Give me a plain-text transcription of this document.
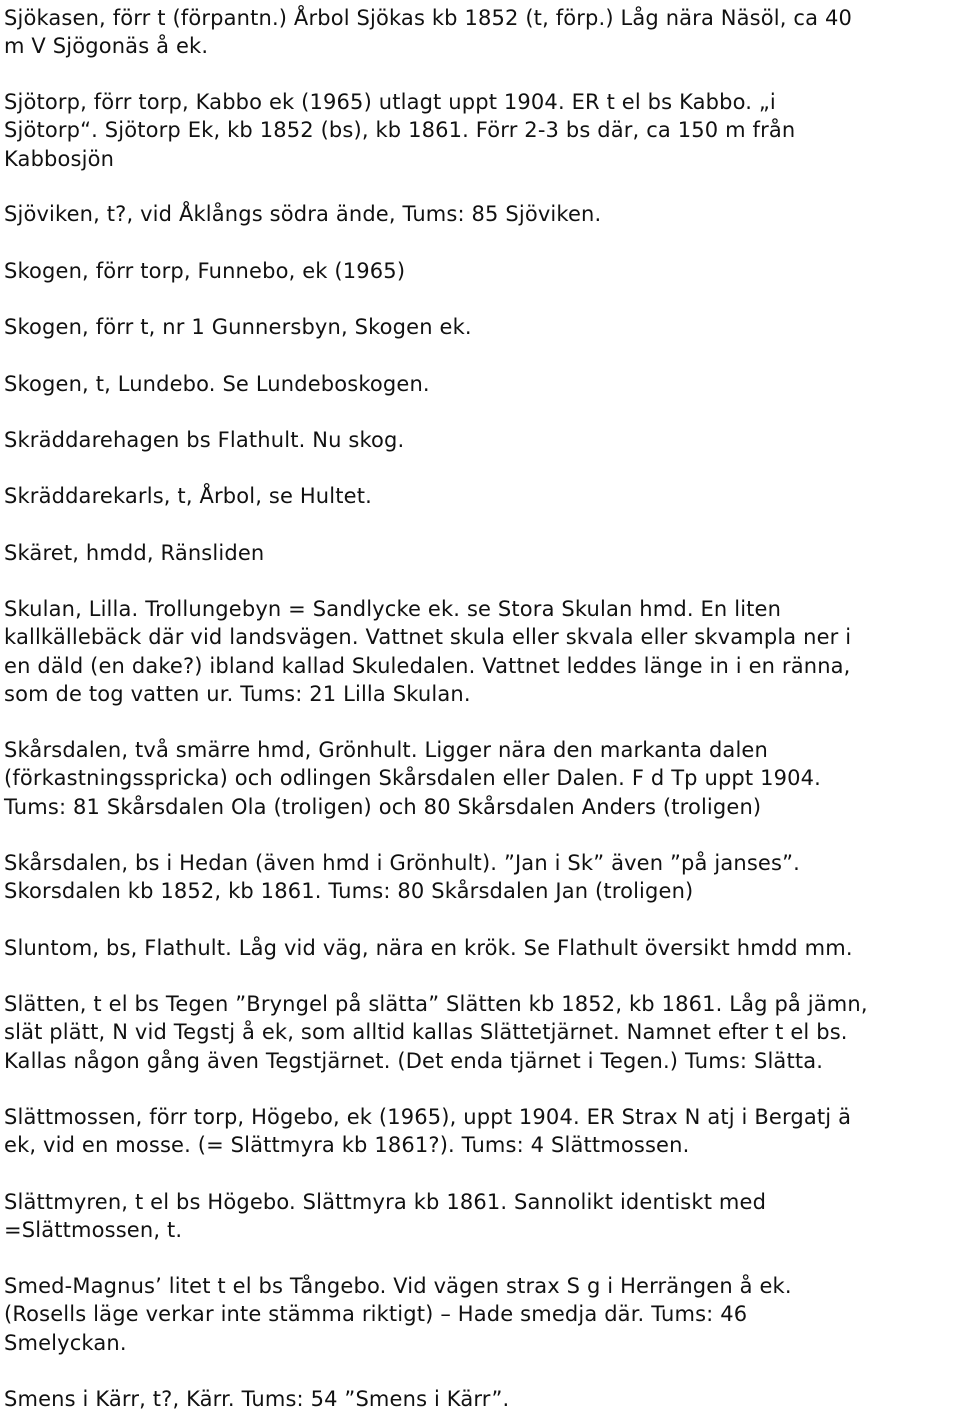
Sjökasen, förr t (förpantn.) Årbol Sjökas kb 1852 (t, förp.) Låg nära Näsöl, ca 40
m V Sjögonäs å ek.
Sjötorp, förr torp, Kabbo ek (1965) utlagt uppt 1904. ER t el bs Kabbo. „i
Sjötorp“. Sjötorp Ek, kb 1852 (bs), kb 1861. Förr 2-3 bs där, ca 150 m från
Kabbosjön
Sjöviken, t?, vid Åklångs södra ände, Tums: 85 Sjöviken.
Skogen, förr torp, Funnebo, ek (1965)
Skogen, förr t, nr 1 Gunnersbyn, Skogen ek.
Skogen, t, Lundebo. Se Lundeboskogen.
Skräddarehagen bs Flathult. Nu skog.
Skräddarekarls, t, Årbol, se Hultet.
Skäret, hmdd, Ränsliden
Skulan, Lilla. Trollungebyn = Sandlycke ek. se Stora Skulan hmd. En liten
kallkällebäck där vid landsvägen. Vattnet skula eller skvala eller skvampla ner i
en däld (en dake?) ibland kallad Skuledalen. Vattnet leddes länge in i en ränna,
som de tog vatten ur. Tums: 21 Lilla Skulan.
Skårsdalen, två smärre hmd, Grönhult. Ligger nära den markanta dalen
(förkastningsspricka) och odlingen Skårsdalen eller Dalen. F d Tp uppt 1904.
Tums: 81 Skårsdalen Ola (troligen) och 80 Skårsdalen Anders (troligen)
Skårsdalen, bs i Hedan (även hmd i Grönhult). ”Jan i Sk” även ”på janses”.
Skorsdalen kb 1852, kb 1861. Tums: 80 Skårsdalen Jan (troligen)
Sluntom, bs, Flathult. Låg vid väg, nära en krök. Se Flathult översikt hmdd mm.
Slätten, t el bs Tegen ”Bryngel på slätta” Slätten kb 1852, kb 1861. Låg på jämn,
slät plätt, N vid Tegstj å ek, som alltid kallas Slättetjärnet. Namnet efter t el bs.
Kallas någon gång även Tegstjärnet. (Det enda tjärnet i Tegen.) Tums: Slätta.
Slättmossen, förr torp, Högebo, ek (1965), uppt 1904. ER Strax N atj i Bergatj ä
ek, vid en mosse. (= Slättmyra kb 1861?). Tums: 4 Slättmossen.
Slättmyren, t el bs Högebo. Slättmyra kb 1861. Sannolikt identiskt med
=Slättmossen, t.
Smed-Magnus’ litet t el bs Tångebo. Vid vägen strax S g i Herrängen å ek.
(Rosells läge verkar inte stämma riktigt) – Hade smedja där. Tums: 46
Smelyckan.
Smens i Kärr, t?, Kärr. Tums: 54 ”Smens i Kärr”.
